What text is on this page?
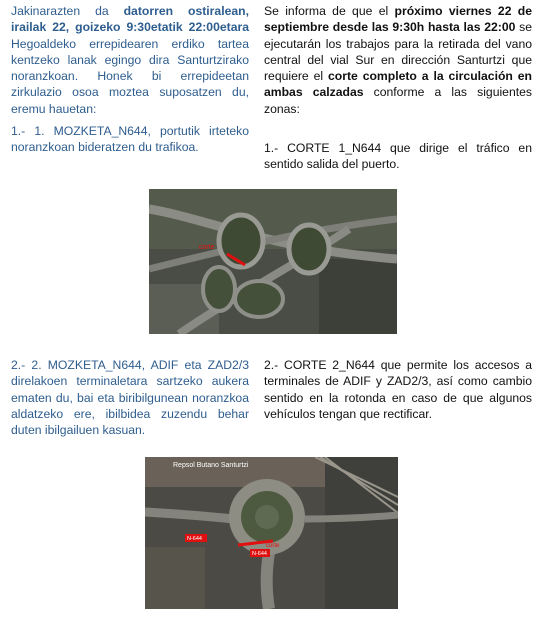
Jakinarazten da datorren ostiralean, irailak 22, goizeko 9:30etatik 22:00etara Hegoaldeko errepidearen erdiko tartea kentzeko lanak egingo dira Santurtzirako noranzkoan. Honek bi errepideetan zirkulazio osoa moztea suposatzen du, eremu hauetan:
1.- 1. MOZKETA_N644, portutik irteteko noranzkoan bideratzen du trafikoa.
2.- 2. MOZKETA_N644, ADIF eta ZAD2/3 direlakoen terminaletara sartzeko aukera ematen du, bai eta biribilgunean noranzkoa aldatzeko ere, ibilbidea zuzendu behar duten ibilgailuen kasuan.
Se informa de que el próximo viernes 22 de septiembre desde las 9:30h hasta las 22:00 se ejecutarán los trabajos para la retirada del vano central del vial Sur en dirección Santurtzi que requiere el corte completo a la circulación en ambas calzadas conforme a las siguientes zonas:
1.- CORTE 1_N644 que dirige el tráfico en sentido salida del puerto.
2.- CORTE 2_N644 que permite los accesos a terminales de ADIF y ZAD2/3, así como cambio sentido en la rotonda en caso de que algunos vehículos tengan que rectificar.
corte
Repsol Butano Santurtzi
N-644
N-644
corte
